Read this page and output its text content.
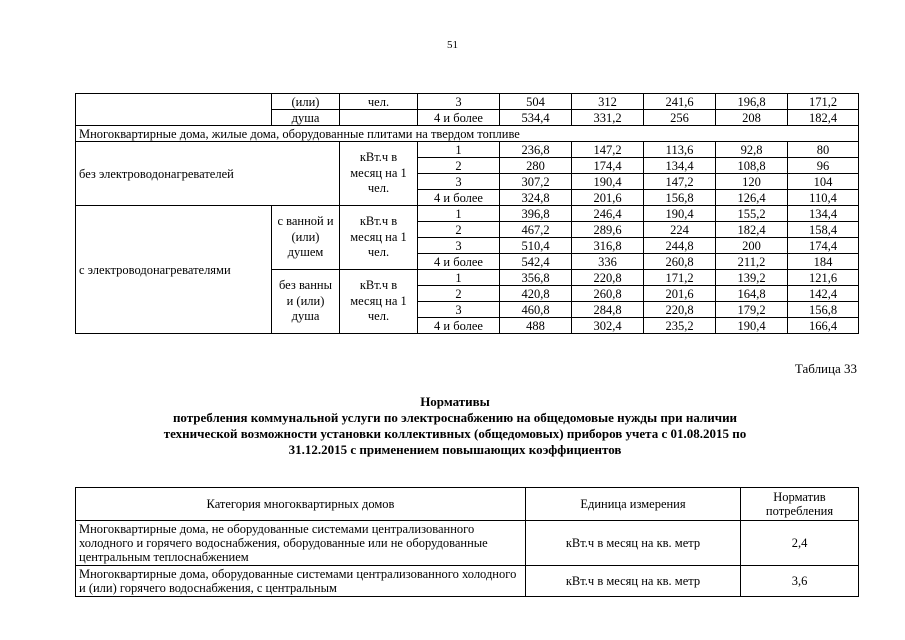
51
	(или)	чел.	3	504	312	241,6	196,8	171,2
	душа		4 и более	534,4	331,2	256	208	182,4
Многоквартирные дома, жилые дома, оборудованные плитами на твердом топливе								
без электроводонагревателей		кВт.ч в месяц на 1 чел.	1	236,8	147,2	113,6	92,8	80
			2	280	174,4	134,4	108,8	96
			3	307,2	190,4	147,2	120	104
			4 и более	324,8	201,6	156,8	126,4	110,4
с электроводонагревателями	с ванной и (или) душем	кВт.ч в месяц на 1 чел.	1	396,8	246,4	190,4	155,2	134,4
			2	467,2	289,6	224	182,4	158,4
			3	510,4	316,8	244,8	200	174,4
			4 и более	542,4	336	260,8	211,2	184
	без ванны и (или) душа	кВт.ч в месяц на 1 чел.	1	356,8	220,8	171,2	139,2	121,6
			2	420,8	260,8	201,6	164,8	142,4
			3	460,8	284,8	220,8	179,2	156,8
			4 и более	488	302,4	235,2	190,4	166,4
Таблица 33
Нормативы
потребления коммунальной услуги по электроснабжению на общедомовые нужды при наличии технической возможности установки коллективных (общедомовых) приборов учета с 01.08.2015 по 31.12.2015 с применением повышающих коэффициентов
Категория многоквартирных домов	Единица измерения	Норматив потребления
Многоквартирные дома, не оборудованные системами централизованного холодного и горячего водоснабжения, оборудованные или не оборудованные центральным теплоснабжением	кВт.ч в месяц на кв. метр	2,4
Многоквартирные дома, оборудованные системами централизованного холодного и (или) горячего водоснабжения, с центральным	кВт.ч в месяц на кв. метр	3,6
